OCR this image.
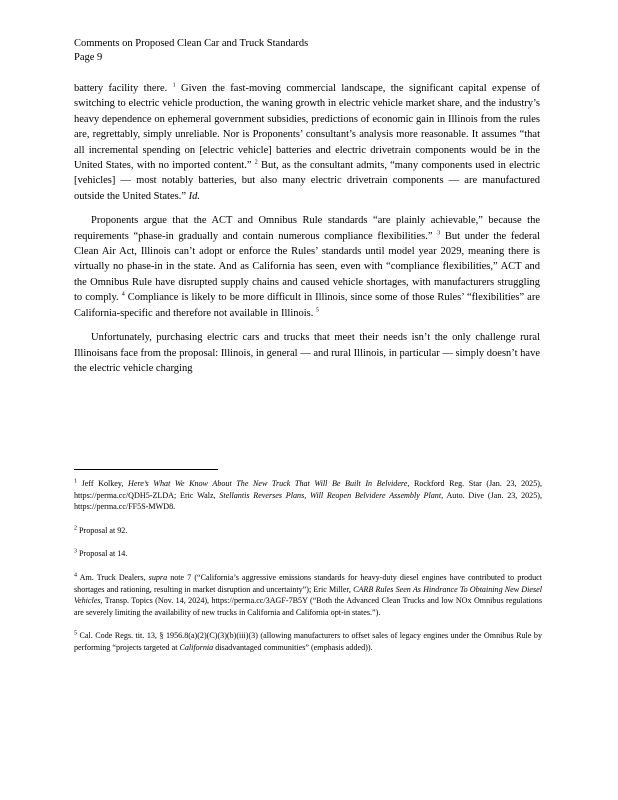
Comments on Proposed Clean Car and Truck Standards
Page 9

battery facility there. $^1$ Given the fast-moving commercial landscape, the significant capital expense of switching to electric vehicle production, the waning growth in electric vehicle market share, and the industry’s heavy dependence on ephemeral government subsidies, predictions of economic gain in Illinois from the rules are, regrettably, simply unreliable. Nor is Proponents’ consultant’s analysis more reasonable. It assumes “that all incremental spending on [electric vehicle] batteries and electric drivetrain components would be in the United States, with no imported content.” $^2$ But, as the consultant admits, “many components used in electric [vehicles] — most notably batteries, but also many electric drivetrain components — are manufactured outside the United States.” Id.

Proponents argue that the ACT and Omnibus Rule standards “are plainly achievable,” because the requirements “phase-in gradually and contain numerous compliance flexibilities.” $^3$ But under the federal Clean Air Act, Illinois can’t adopt or enforce the Rules’ standards until model year 2029, meaning there is virtually no phase-in in the state. And as California has seen, even with “compliance flexibilities,” ACT and the Omnibus Rule have disrupted supply chains and caused vehicle shortages, with manufacturers struggling to comply. $^4$ Compliance is likely to be more difficult in Illinois, since some of those Rules’ “flexibilities” are California-specific and therefore not available in Illinois. $^5$

Unfortunately, purchasing electric cars and trucks that meet their needs isn’t the only challenge rural Illinoisans face from the proposal: Illinois, in general — and rural Illinois, in particular — simply doesn’t have the electric vehicle charging

$^1$ Jeff Kolkey, Here’s What We Know About The New Truck That Will Be Built In Belvidere, Rockford Reg. Star (Jan. 23, 2025), https://perma.cc/QDH5-ZLDA; Eric Walz, Stellantis Reverses Plans, Will Reopen Belvidere Assembly Plant, Auto. Dive (Jan. 23, 2025), https://perma.cc/FF5S-MWD8.

$^2$ Proposal at 92.

$^3$ Proposal at 14.

$^4$ Am. Truck Dealers, supra note 7 (“California’s aggressive emissions standards for heavy-duty diesel engines have contributed to product shortages and rationing, resulting in market disruption and uncertainty”); Eric Miller, CARB Rules Seen As Hindrance To Obtaining New Diesel Vehicles, Transp. Topics (Nov. 14, 2024), https://perma.cc/3AGF-7B5Y (“Both the Advanced Clean Trucks and low NOx Omnibus regulations are severely limiting the availability of new trucks in California and California opt-in states.”).

$^5$ Cal. Code Regs. tit. 13, § 1956.8(a)(2)(C)(3)(b)(iii)(3) (allowing manufacturers to offset sales of legacy engines under the Omnibus Rule by performing “projects targeted at California disadvantaged communities” (emphasis added)).
